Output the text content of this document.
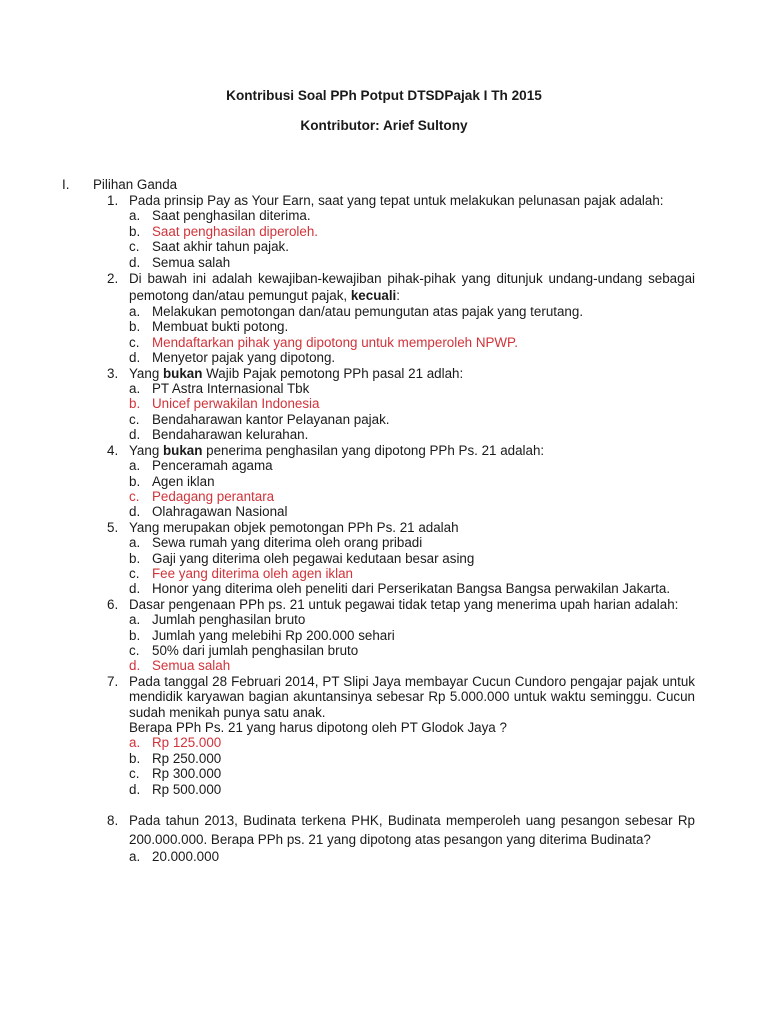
Kontribusi Soal PPh Potput DTSDPajak I Th 2015
Kontributor: Arief Sultony
I. Pilihan Ganda
1. Pada prinsip Pay as Your Earn, saat yang tepat untuk melakukan pelunasan pajak adalah:
a. Saat penghasilan diterima.
b. Saat penghasilan diperoleh.
c. Saat akhir tahun pajak.
d. Semua salah
2. Di bawah ini adalah kewajiban-kewajiban pihak-pihak yang ditunjuk undang-undang sebagai pemotong dan/atau pemungut pajak, kecuali:
a. Melakukan pemotongan dan/atau pemungutan atas pajak yang terutang.
b. Membuat bukti potong.
c. Mendaftarkan pihak yang dipotong untuk memperoleh NPWP.
d. Menyetor pajak yang dipotong.
3. Yang bukan Wajib Pajak pemotong PPh pasal 21 adlah:
a. PT Astra Internasional Tbk
b. Unicef perwakilan Indonesia
c. Bendaharawan kantor Pelayanan pajak.
d. Bendaharawan kelurahan.
4. Yang bukan penerima penghasilan yang dipotong PPh Ps. 21 adalah:
a. Penceramah agama
b. Agen iklan
c. Pedagang perantara
d. Olahragawan Nasional
5. Yang merupakan objek pemotongan PPh Ps. 21 adalah
a. Sewa rumah yang diterima oleh orang pribadi
b. Gaji yang diterima oleh pegawai kedutaan besar asing
c. Fee yang diterima oleh agen iklan
d. Honor yang diterima oleh peneliti dari Perserikatan Bangsa Bangsa perwakilan Jakarta.
6. Dasar pengenaan PPh ps. 21 untuk pegawai tidak tetap yang menerima upah harian adalah:
a. Jumlah penghasilan bruto
b. Jumlah yang melebihi Rp 200.000 sehari
c. 50% dari jumlah penghasilan bruto
d. Semua salah
7. Pada tanggal 28 Februari 2014, PT Slipi Jaya membayar Cucun Cundoro pengajar pajak untuk mendidik karyawan bagian akuntansinya sebesar Rp 5.000.000 untuk waktu seminggu. Cucun sudah menikah punya satu anak.
Berapa PPh Ps. 21 yang harus dipotong oleh PT Glodok Jaya ?
a. Rp 125.000
b. Rp 250.000
c. Rp 300.000
d. Rp 500.000
8. Pada tahun 2013, Budinata terkena PHK, Budinata memperoleh uang pesangon sebesar Rp 200.000.000. Berapa PPh ps. 21 yang dipotong atas pesangon yang diterima Budinata?
a. 20.000.000
